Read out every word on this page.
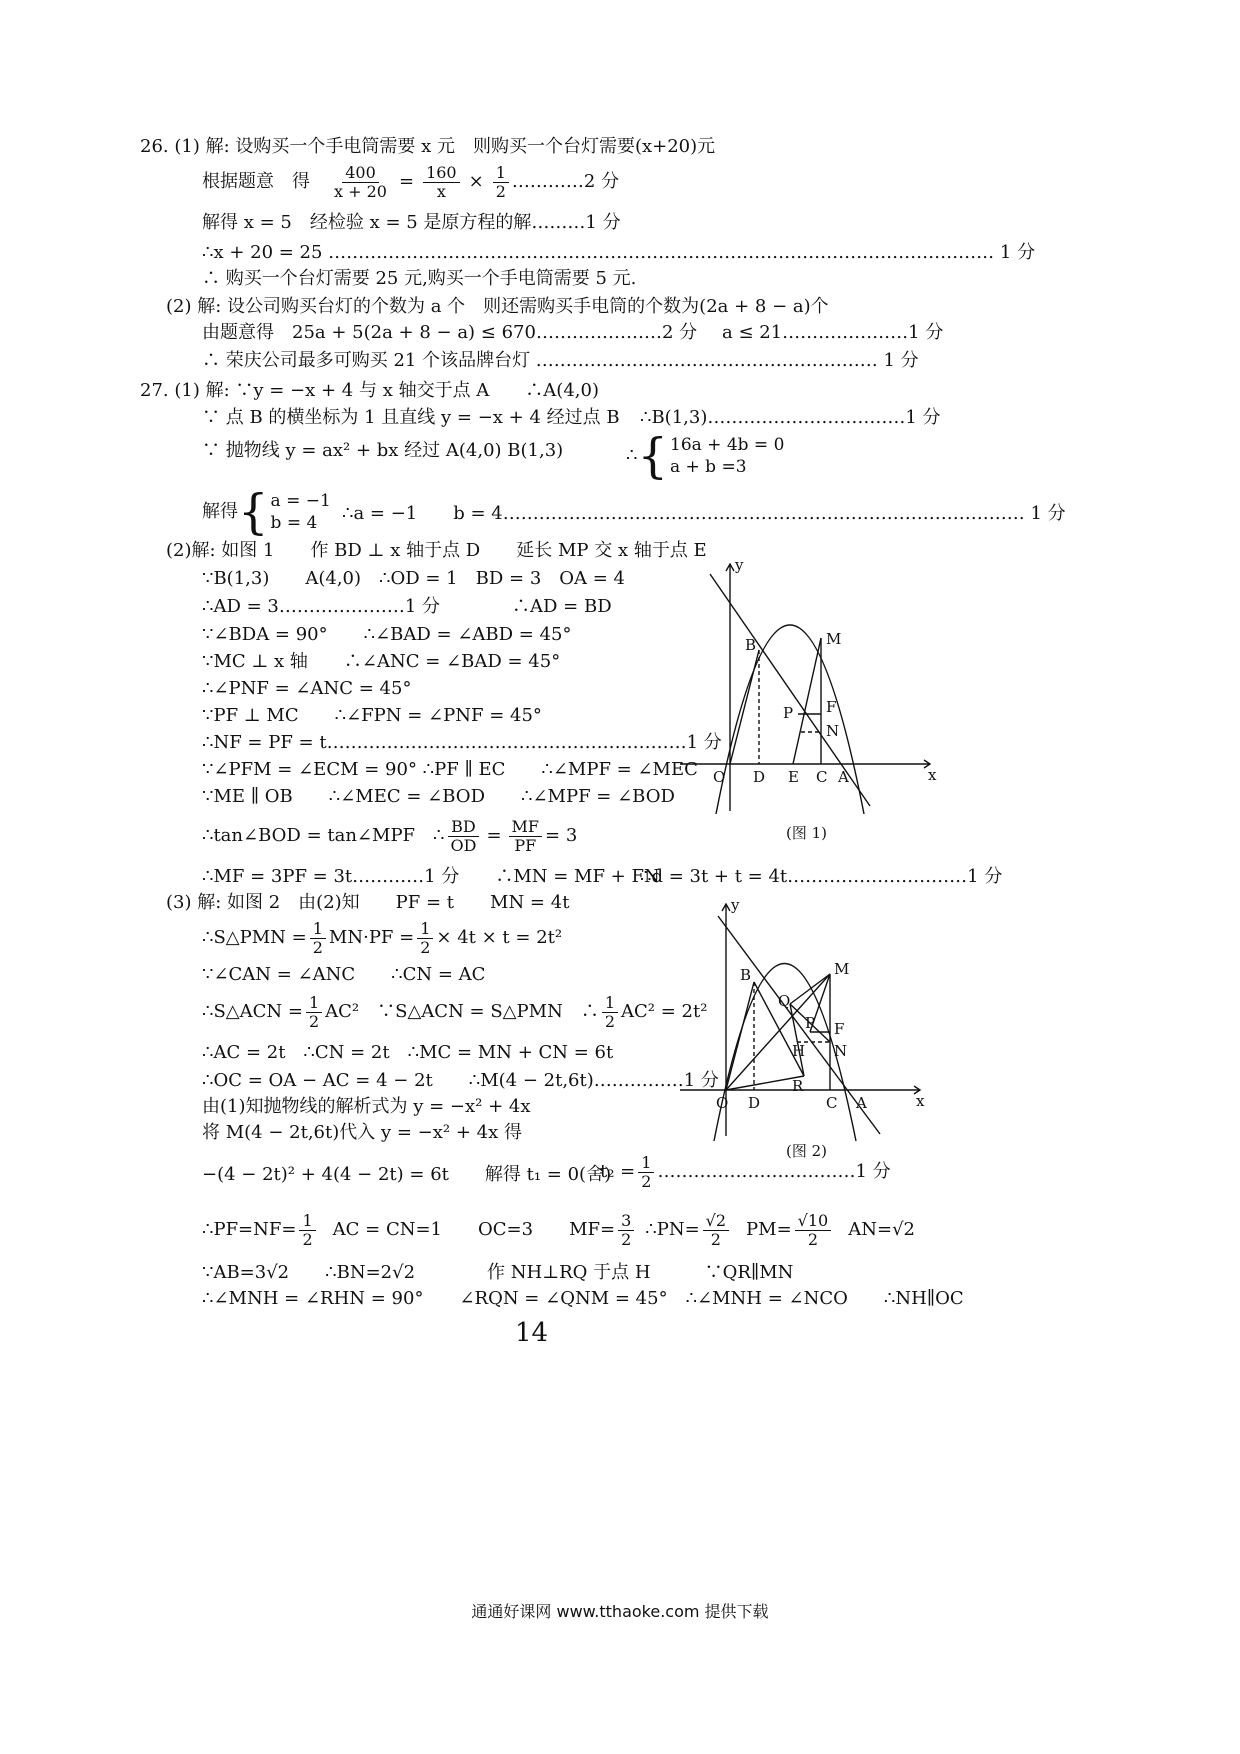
26. (1) 解: 设购买一个手电筒需要 x 元　则购买一个台灯需要(x+20)元
根据题意　得 $\frac{400}{x + 20} = \frac{160}{x} \times \frac{1}{2}$ …………2 分
解得 x = 5　经检验 x = 5 是原方程的解………1 分
∴x + 20 = 25 ………………………………………………………………………………………………… 1 分
∴ 购买一个台灯需要 25 元,购买一个手电筒需要 5 元.
(2) 解: 设公司购买台灯的个数为 a 个　则还需购买手电筒的个数为(2a + 8 − a)个
由题意得　25a + 5(2a + 8 − a) ≤ 670…………………2 分 a ≤ 21…………………1 分
∴ 荣庆公司最多可购买 21 个该品牌台灯 ………………………………………………… 1 分
27. (1) 解: ∵y = −x + 4 与 x 轴交于点 A　　∴A(4,0)
∵ 点 B 的横坐标为 1 且直线 y = −x + 4 经过点 B ∴B(1,3)……………………………1 分
∵ 抛物线 y = ax² + bx 经过 A(4,0) B(1,3)	∴ { 16a + 4b = 0
a + b =3
解得 { a = −1
b = 4	∴a = −1　　b = 4…………………………………………………………………………… 1 分
(2)解: 如图 1　　作 BD ⊥ x 轴于点 D　　延长 MP 交 x 轴于点 E
∵B(1,3)　　A(4,0)　∴OD = 1　BD = 3　OA = 4
∴AD = 3…………………1 分　　　　∴AD = BD
∵∠BDA = 90°　　∴∠BAD = ∠ABD = 45°
∵MC ⊥ x 轴　　∴∠ANC = ∠BAD = 45°
∴∠PNF = ∠ANC = 45°
∵PF ⊥ MC　　∴∠FPN = ∠PNF = 45°
∴NF = PF = t……………………………………………………1 分
∵∠PFM = ∠ECM = 90° ∴PF ∥ EC　　∴∠MPF = ∠MEC
∵ME ∥ OB　　∴∠MEC = ∠BOD　　∴∠MPF = ∠BOD
∴tan∠BOD = tan∠MPF ∴ $\frac{BD}{OD} = \frac{MF}{PF} = 3$
∴MF = 3PF = 3t…………1 分　　∴MN = MF + FN
∴d = 3t + t = 4t…………………………1 分
(3) 解: 如图 2　由(2)知　　PF = t　　MN = 4t
∴S△PMN = $\frac{1}{2} MN\cdot PF = \frac{1}{2} \times 4t \times t = 2t^2$
∵∠CAN = ∠ANC　　∴CN = AC
∴S△ACN = $\frac{1}{2} AC^2$　∵S△ACN = S△PMN　∴ $\frac{1}{2} AC^2 = 2t^2$
∴AC = 2t　∴CN = 2t　∴MC = MN + CN = 6t
∴OC = OA − AC = 4 − 2t　　∴M(4 − 2t,6t)……………1 分
由(1)知抛物线的解析式为 y = −x² + 4x
将 M(4 − 2t,6t)代入 y = −x² + 4x 得
−(4 − 2t)² + 4(4 − 2t) = 6t　　解得 t₁ = 0(舍)
$t_2 = \frac{1}{2}$ ……………………………1 分
∴PF=NF= $\frac{1}{2}$ AC = CN=1　　OC=3　　$MF= \frac{3}{2}$ ∴PN= $\frac{√2}{2} PM= \frac{√10}{2} AN=√2$
∵AB=3√2　　∴BN=2√2　　　　作 NH⊥RQ 于点 H　　　∵QR∥MN
∴∠MNH = ∠RHN = 90°　　∠RQN = ∠QNM = 45°　∴∠MNH = ∠NCO　　∴NH∥OC
y
x
O D E C A
B	M
P F
N
(图 1)
y
x
O D	C A
B	M
Q
P F
H N
R
(图 2)
14
通通好课网 www.tthaoke.com 提供下载
